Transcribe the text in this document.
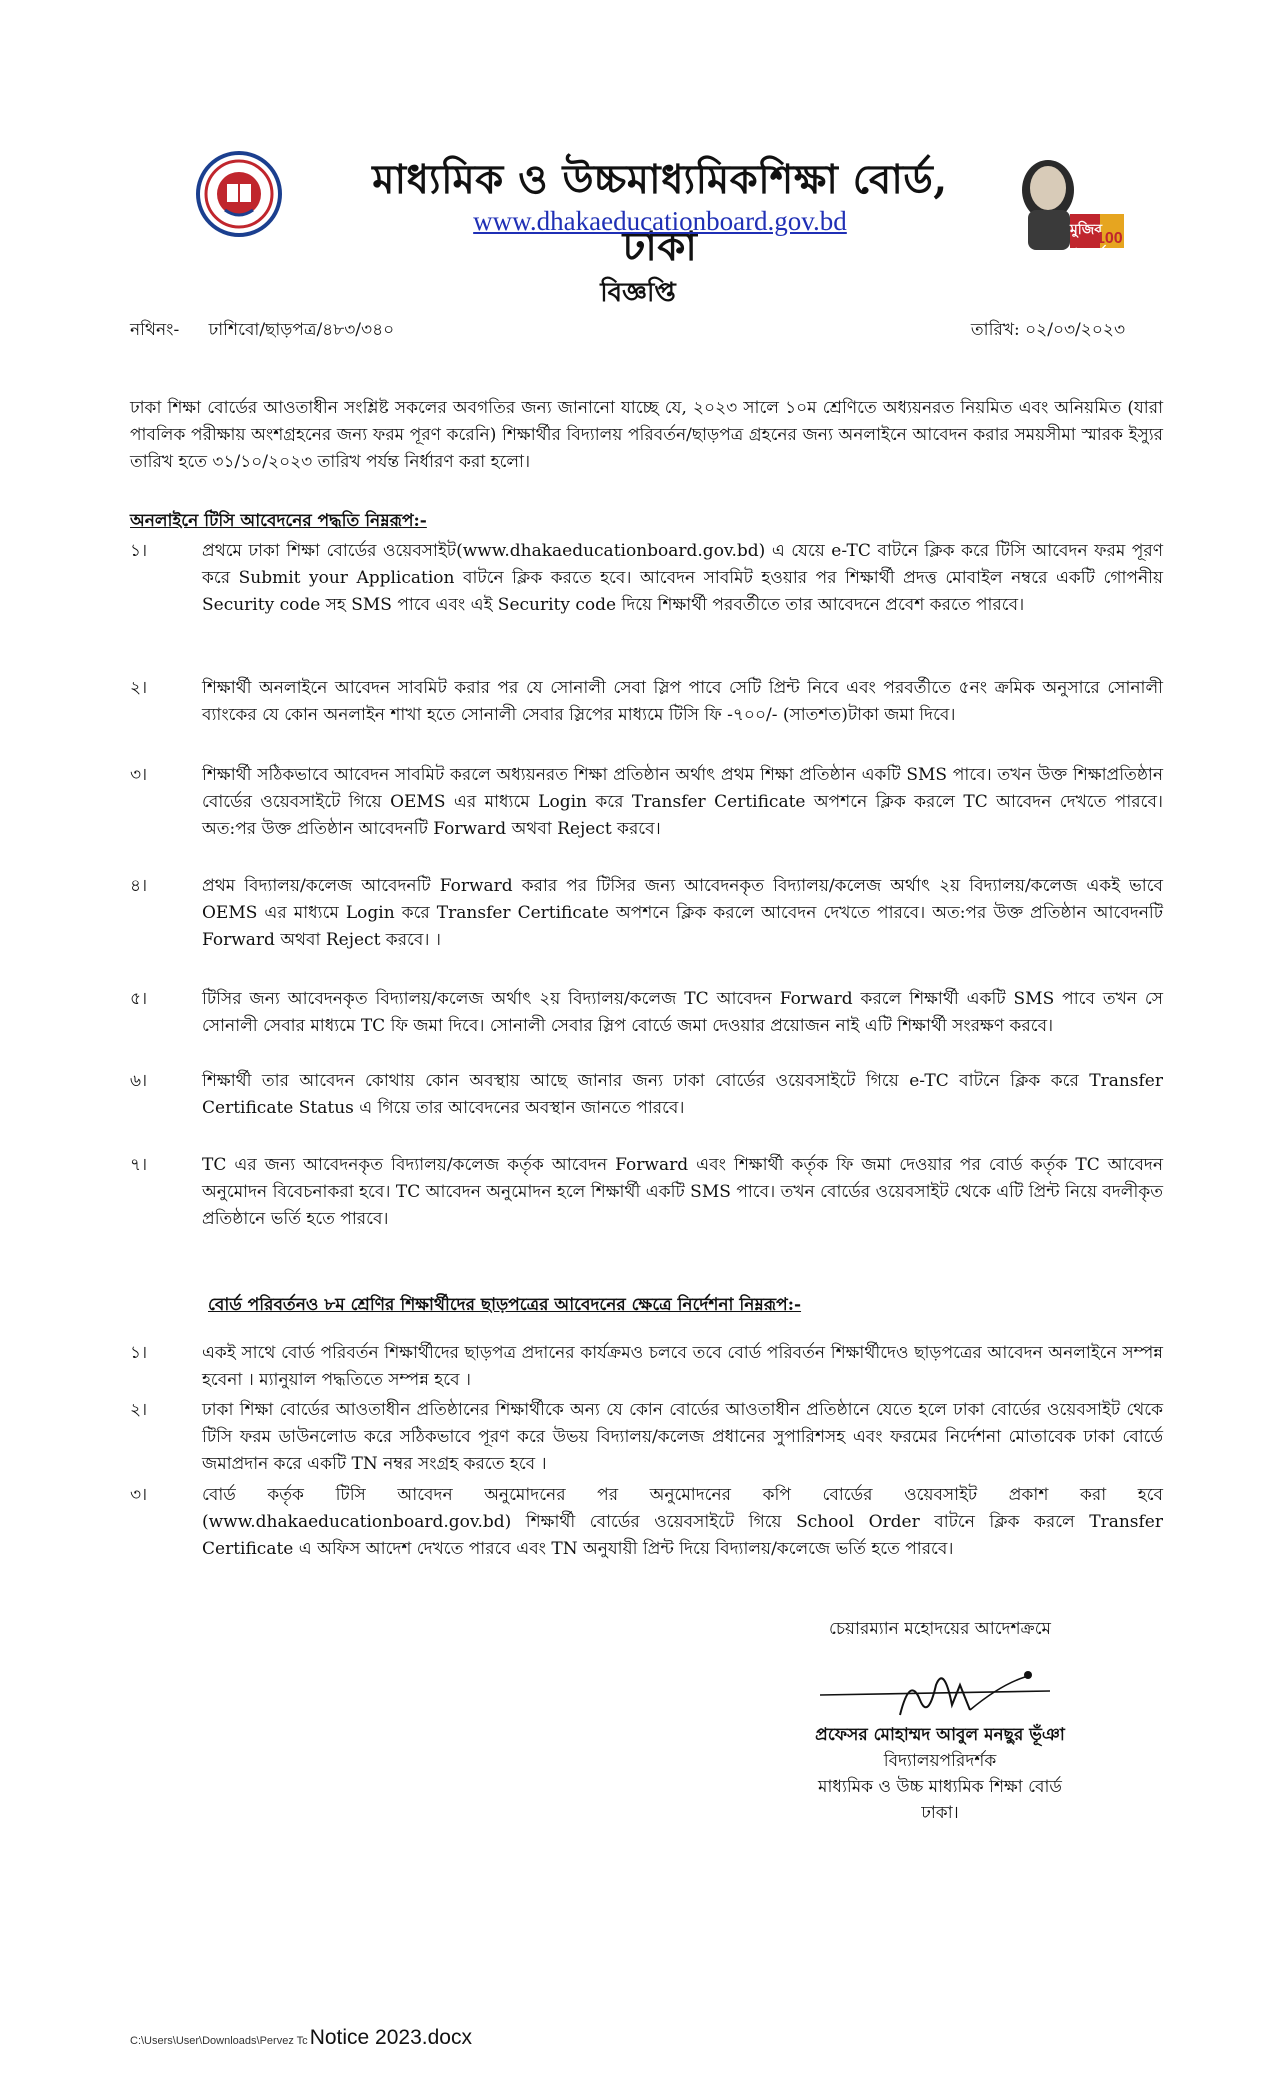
মাধ্যমিক ও উচ্চমাধ্যমিকশিক্ষা বোর্ড, ঢাকা
www.dhakaeducationboard.gov.bd	মুজিব শতবর্ষ
100
বিজ্ঞপ্তি
নথিনং- ঢাশিবো/ছাড়পত্র/৪৮৩/৩৪০	তারিখ: ০২/০৩/২০২৩
ঢাকা শিক্ষা বোর্ডের আওতাধীন সংশ্লিষ্ট সকলের অবগতির জন্য জানানো যাচ্ছে যে, ২০২৩ সালে ১০ম শ্রেণিতে অধ্যয়নরত নিয়মিত এবং অনিয়মিত (যারা পাবলিক পরীক্ষায় অংশগ্রহনের জন্য ফরম পূরণ করেনি) শিক্ষার্থীর বিদ্যালয় পরিবর্তন/ছাড়পত্র গ্রহনের জন্য অনলাইনে আবেদন করার সময়সীমা স্মারক ইস্যুর তারিখ হতে ৩১/১০/২০২৩ তারিখ পর্যন্ত নির্ধারণ করা হলো।
অনলাইনে টিসি আবেদনের পদ্ধতি নিম্নরূপ:-
১।	প্রথমে ঢাকা শিক্ষা বোর্ডের ওয়েবসাইট(www.dhakaeducationboard.gov.bd) এ যেয়ে e-TC বাটনে ক্লিক করে টিসি আবেদন ফরম পূরণ করে Submit your Application বাটনে ক্লিক করতে হবে। আবেদন সাবমিট হওয়ার পর শিক্ষার্থী প্রদত্ত মোবাইল নম্বরে একটি গোপনীয় Security code সহ SMS পাবে এবং এই Security code দিয়ে শিক্ষার্থী পরবর্তীতে তার আবেদনে প্রবেশ করতে পারবে।
২।	শিক্ষার্থী অনলাইনে আবেদন সাবমিট করার পর যে সোনালী সেবা স্লিপ পাবে সেটি প্রিন্ট নিবে এবং পরবর্তীতে ৫নং ক্রমিক অনুসারে সোনালী ব্যাংকের যে কোন অনলাইন শাখা হতে সোনালী সেবার স্লিপের মাধ্যমে টিসি ফি -৭০০/- (সাতশত)টাকা জমা দিবে।
৩।	শিক্ষার্থী সঠিকভাবে আবেদন সাবমিট করলে অধ্যয়নরত শিক্ষা প্রতিষ্ঠান অর্থাৎ প্রথম শিক্ষা প্রতিষ্ঠান একটি SMS পাবে। তখন উক্ত শিক্ষাপ্রতিষ্ঠান বোর্ডের ওয়েবসাইটে গিয়ে OEMS এর মাধ্যমে Login করে Transfer Certificate অপশনে ক্লিক করলে TC আবেদন দেখতে পারবে। অত:পর উক্ত প্রতিষ্ঠান আবেদনটি Forward অথবা Reject করবে।
৪।	প্রথম বিদ্যালয়/কলেজ আবেদনটি Forward করার পর টিসির জন্য আবেদনকৃত বিদ্যালয়/কলেজ অর্থাৎ ২য় বিদ্যালয়/কলেজ একই ভাবে OEMS এর মাধ্যমে Login করে Transfer Certificate অপশনে ক্লিক করলে আবেদন দেখতে পারবে। অত:পর উক্ত প্রতিষ্ঠান আবেদনটি Forward অথবা Reject করবে। ।
৫।	টিসির জন্য আবেদনকৃত বিদ্যালয়/কলেজ অর্থাৎ ২য় বিদ্যালয়/কলেজ TC আবেদন Forward করলে শিক্ষার্থী একটি SMS পাবে তখন সে সোনালী সেবার মাধ্যমে TC ফি জমা দিবে। সোনালী সেবার স্লিপ বোর্ডে জমা দেওয়ার প্রয়োজন নাই এটি শিক্ষার্থী সংরক্ষণ করবে।
৬।	শিক্ষার্থী তার আবেদন কোথায় কোন অবস্থায় আছে জানার জন্য ঢাকা বোর্ডের ওয়েবসাইটে গিয়ে e-TC বাটনে ক্লিক করে Transfer Certificate Status এ গিয়ে তার আবেদনের অবস্থান জানতে পারবে।
৭।	TC এর জন্য আবেদনকৃত বিদ্যালয়/কলেজ কর্তৃক আবেদন Forward এবং শিক্ষার্থী কর্তৃক ফি জমা দেওয়ার পর বোর্ড কর্তৃক TC আবেদন অনুমোদন বিবেচনাকরা হবে। TC আবেদন অনুমোদন হলে শিক্ষার্থী একটি SMS পাবে। তখন বোর্ডের ওয়েবসাইট থেকে এটি প্রিন্ট নিয়ে বদলীকৃত প্রতিষ্ঠানে ভর্তি হতে পারবে।
বোর্ড পরিবর্তনও ৮ম শ্রেণির শিক্ষার্থীদের ছাড়পত্রের আবেদনের ক্ষেত্রে নির্দেশনা নিম্নরূপ:-
১।	একই সাথে বোর্ড পরিবর্তন শিক্ষার্থীদের ছাড়পত্র প্রদানের কার্যক্রমও চলবে তবে বোর্ড পরিবর্তন শিক্ষার্থীদেও ছাড়পত্রের আবেদন অনলাইনে সম্পন্ন হবেনা । ম্যানুয়াল পদ্ধতিতে সম্পন্ন হবে ।
২।	ঢাকা শিক্ষা বোর্ডের আওতাধীন প্রতিষ্ঠানের শিক্ষার্থীকে অন্য যে কোন বোর্ডের আওতাধীন প্রতিষ্ঠানে যেতে হলে ঢাকা বোর্ডের ওয়েবসাইট থেকে টিসি ফরম ডাউনলোড করে সঠিকভাবে পূরণ করে উভয় বিদ্যালয়/কলেজ প্রধানের সুপারিশসহ এবং ফরমের নির্দেশনা মোতাবেক ঢাকা বোর্ডে জমাপ্রদান করে একটি TN নম্বর সংগ্রহ করতে হবে ।
৩।	বোর্ড কর্তৃক টিসি আবেদন অনুমোদনের পর অনুমোদনের কপি বোর্ডের ওয়েবসাইট প্রকাশ করা হবে (www.dhakaeducationboard.gov.bd) শিক্ষার্থী বোর্ডের ওয়েবসাইটে গিয়ে School Order বাটনে ক্লিক করলে Transfer Certificate এ অফিস আদেশ দেখতে পারবে এবং TN অনুযায়ী প্রিন্ট দিয়ে বিদ্যালয়/কলেজে ভর্তি হতে পারবে।
চেয়ারম্যান মহোদয়ের আদেশক্রমে
প্রফেসর মোহাম্মদ আবুল মনছুর ভূঁঞা
বিদ্যালয়পরিদর্শক
মাধ্যমিক ও উচ্চ মাধ্যমিক শিক্ষা বোর্ড
ঢাকা।
C:\Users\User\Downloads\Pervez TcNotice 2023.docx
